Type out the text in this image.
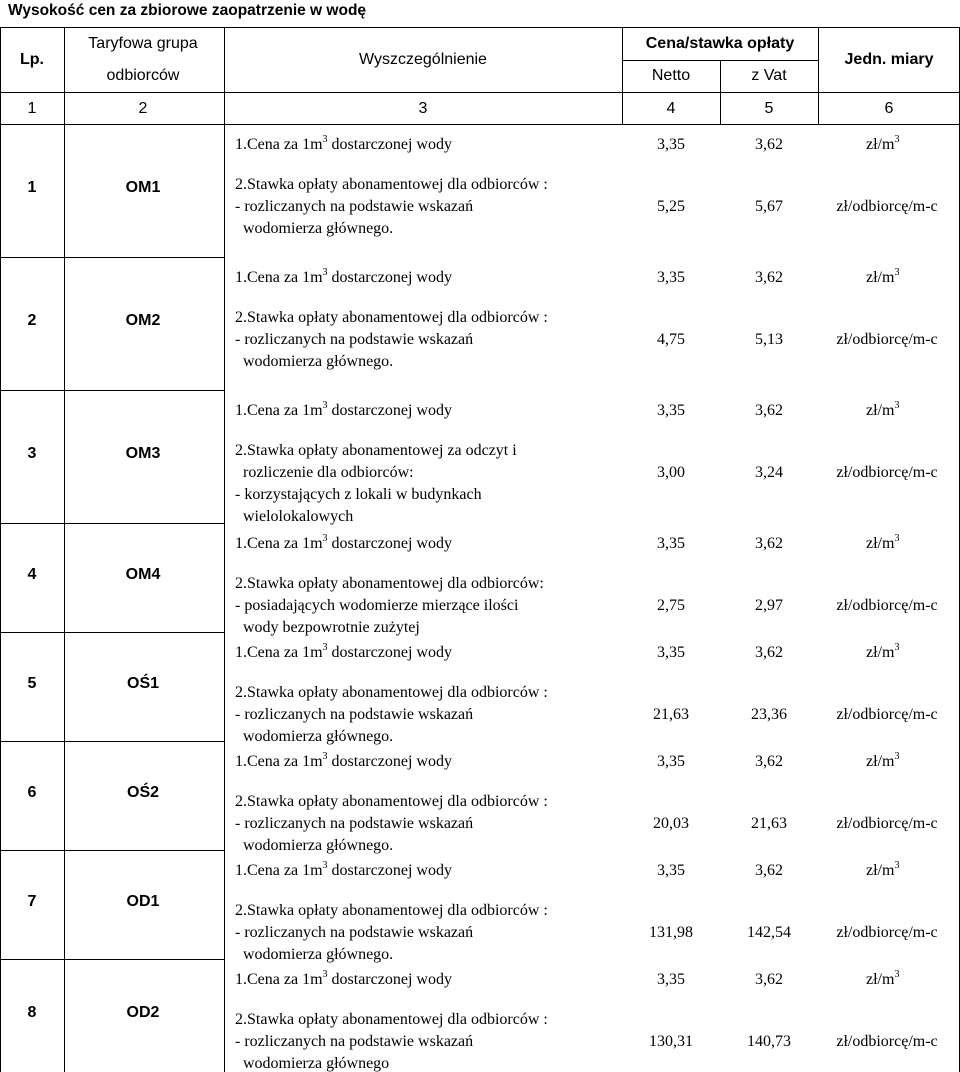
Wysokość cen za zbiorowe zaopatrzenie w wodę
Lp.
Taryfowa grupa
odbiorców
Wyszczególnienie
Cena/stawka opłaty
Netto	z Vat
Jedn. miary
1	2	3	4	5	6
1	OM1
1.Cena za $1m^3$ dostarczonej wody	3,35	3,62	$zł/m^3$
2.Stawka opłaty abonamentowej dla odbiorców :
- rozliczanych na podstawie wskazań
wodomierza głównego.
5,25	5,67	zł/odbiorcę/m-c
2	OM2
1.Cena za $1m^3$ dostarczonej wody	3,35	3,62	$zł/m^3$
2.Stawka opłaty abonamentowej dla odbiorców :
- rozliczanych na podstawie wskazań
wodomierza głównego.
4,75	5,13	zł/odbiorcę/m-c
3	OM3
1.Cena za $1m^3$ dostarczonej wody	3,35	3,62	$zł/m^3$
2.Stawka opłaty abonamentowej za odczyt i
rozliczenie dla odbiorców:
- korzystających z lokali w budynkach
wielolokalowych
3,00	3,24	zł/odbiorcę/m-c
4	OM4
1.Cena za $1m^3$ dostarczonej wody	3,35	3,62	$zł/m^3$
2.Stawka opłaty abonamentowej dla odbiorców:
- posiadających wodomierze mierzące ilości
wody bezpowrotnie zużytej
2,75	2,97	zł/odbiorcę/m-c
5	OŚ1
1.Cena za $1m^3$ dostarczonej wody	3,35	3,62	$zł/m^3$
2.Stawka opłaty abonamentowej dla odbiorców :
- rozliczanych na podstawie wskazań
wodomierza głównego.
21,63	23,36	zł/odbiorcę/m-c
6	OŚ2
1.Cena za $1m^3$ dostarczonej wody	3,35	3,62	$zł/m^3$
2.Stawka opłaty abonamentowej dla odbiorców :
- rozliczanych na podstawie wskazań
wodomierza głównego.
20,03	21,63	zł/odbiorcę/m-c
7	OD1
1.Cena za $1m^3$ dostarczonej wody	3,35	3,62	$zł/m^3$
2.Stawka opłaty abonamentowej dla odbiorców :
- rozliczanych na podstawie wskazań
wodomierza głównego.
131,98	142,54	zł/odbiorcę/m-c
8	OD2
1.Cena za $1m^3$ dostarczonej wody	3,35	3,62	$zł/m^3$
2.Stawka opłaty abonamentowej dla odbiorców :
- rozliczanych na podstawie wskazań
wodomierza głównego
130,31	140,73	zł/odbiorcę/m-c
